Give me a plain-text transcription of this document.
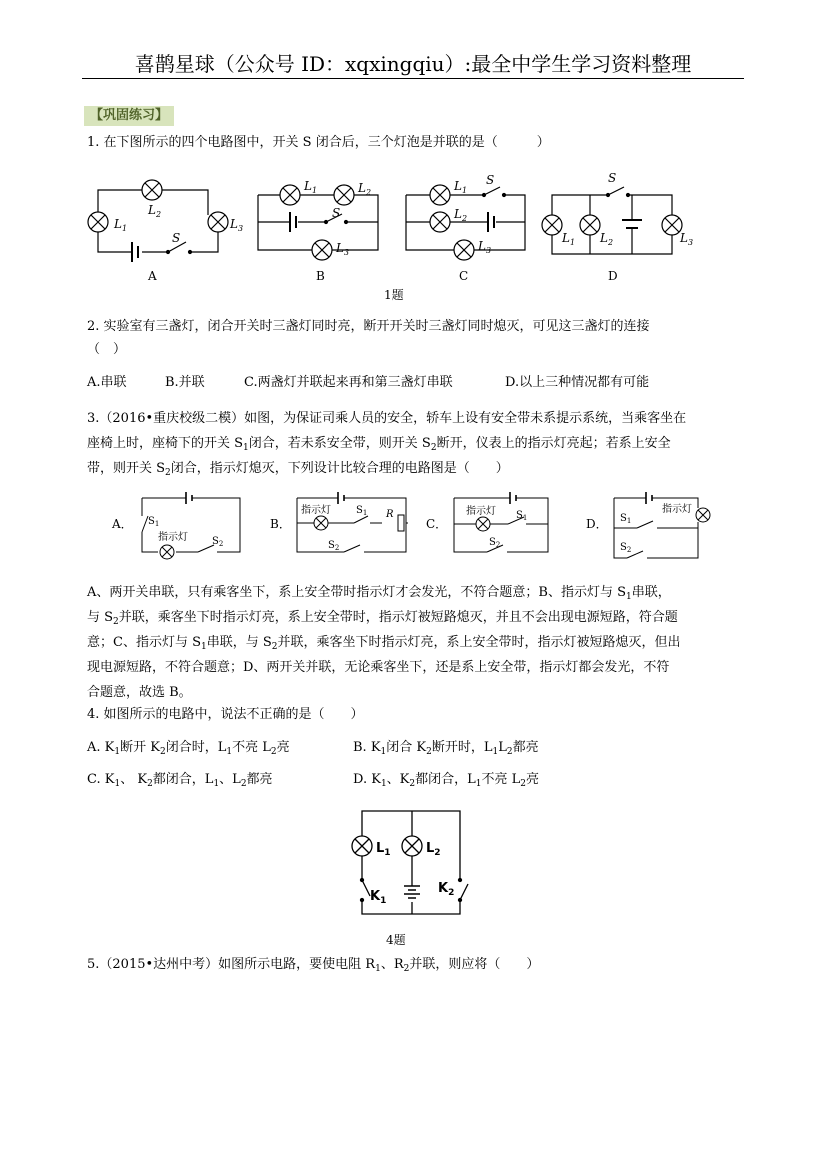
喜鹊星球（公众号 ID：xqxingqiu）:最全中学生学习资料整理
【巩固练习】
1. 在下图所示的四个电路图中，开关 S 闭合后，三个灯泡是并联的是（　　　）
$L_1$
$L_2$
$L_3$
S
$L_1$	$L_2$
S
$L_3$
$L_1$
S
$L_2$
$L_3$
S
$L_1$ $L_2$	$L_3$
A	B	C	D
1题
2. 实验室有三盏灯，闭合开关时三盏灯同时亮，断开开关时三盏灯同时熄灭，可见这三盏灯的连接
（　）
A.串联	B.并联	C.两盏灯并联起来再和第三盏灯串联	D.以上三种情况都有可能
3.（2016•重庆校级二模）如图，为保证司乘人员的安全，轿车上设有安全带未系提示系统，当乘客坐在
座椅上时，座椅下的开关 $S_1$闭合，若未系安全带，则开关 $S_2$断开，仪表上的指示灯亮起；若系上安全
带，则开关 $S_2$闭合，指示灯熄灭，下列设计比较合理的电路图是（　　）
A． $S_1$
指示灯 $S_2$
B．
指示灯	$S_1$ R
$S_2$
C．
指示灯 $S_1$
$S_2$
D． $S_1$
指示灯
$S_2$
A、两开关串联，只有乘客坐下，系上安全带时指示灯才会发光，不符合题意；B、指示灯与 $S_1$串联，
与 $S_2$并联，乘客坐下时指示灯亮，系上安全带时，指示灯被短路熄灭，并且不会出现电源短路，符合题
意；C、指示灯与 $S_1$串联，与 $S_2$并联，乘客坐下时指示灯亮，系上安全带时，指示灯被短路熄灭，但出
现电源短路，不符合题意；D、两开关并联，无论乘客坐下，还是系上安全带，指示灯都会发光，不符
合题意，故选 B。
4. 如图所示的电路中，说法不正确的是（　　）
A. $K_1$断开 $K_2$闭合时，$L_1$不亮 $L_2$亮	B. $K_1$闭合 $K_2$断开时，$L_1L_2$都亮
C. $K_1$、 $K_2$都闭合，$L_1$、$L_2$都亮	D. $K_1$、$K_2$都闭合，$L_1$不亮 $L_2$亮
$L_1$	$L_2$
$K_1$
$K_2$
4题
5.（2015•达州中考）如图所示电路，要使电阻 $R_1$、$R_2$并联，则应将（　　）
